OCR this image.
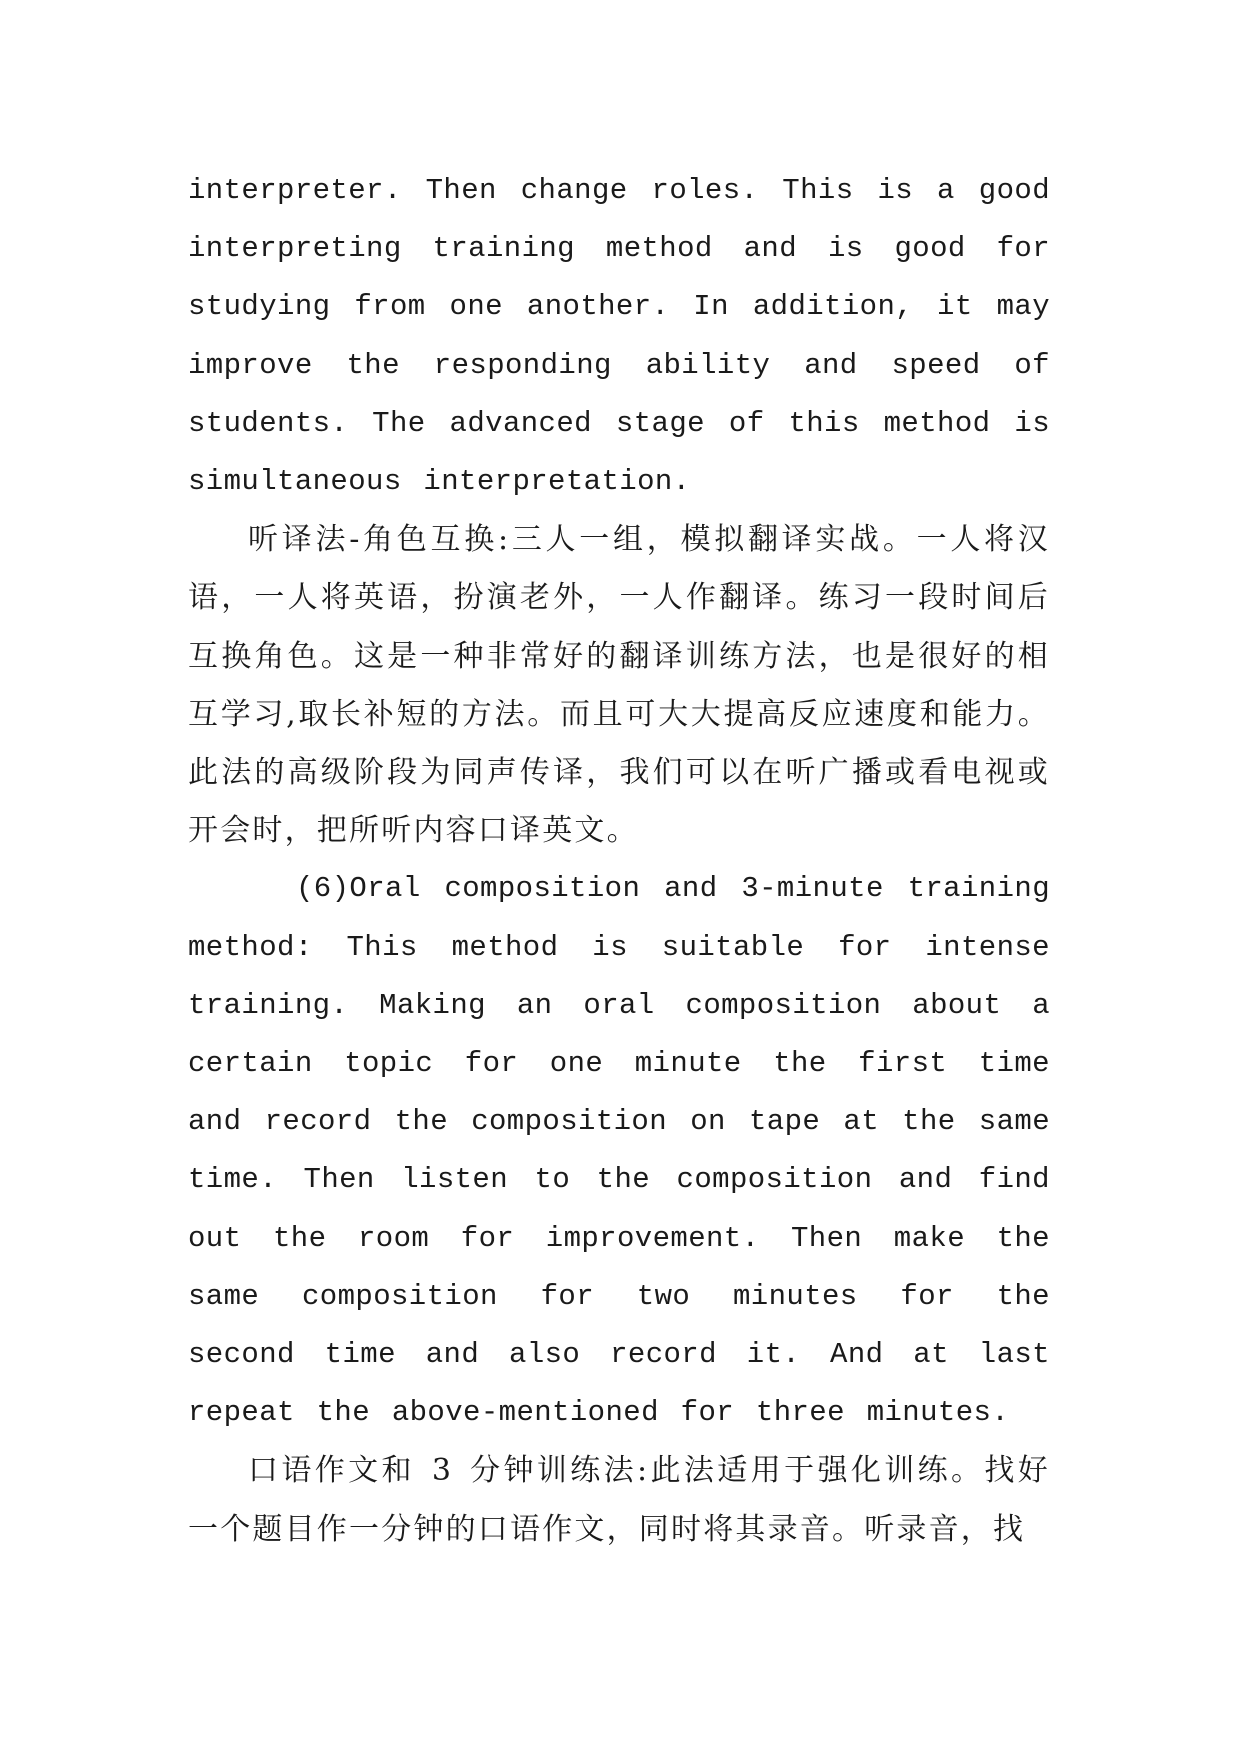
interpreter. Then change roles. This is a good interpreting training method and is good for studying from one another. In addition, it may improve the responding ability and speed of students. The advanced stage of this method is simultaneous interpretation.

听译法-角色互换:三人一组，模拟翻译实战。一人将汉语，一人将英语，扮演老外，一人作翻译。练习一段时间后互换角色。这是一种非常好的翻译训练方法，也是很好的相互学习,取长补短的方法。而且可大大提高反应速度和能力。此法的高级阶段为同声传译，我们可以在听广播或看电视或开会时，把所听内容口译英文。

(6)Oral composition and 3-minute training method: This method is suitable for intense training. Making an oral composition about a certain topic for one minute the first time and record the composition on tape at the same time. Then listen to the composition and find out the room for improvement. Then make the same composition for two minutes for the second time and also record it. And at last repeat the above-mentioned for three minutes.

口语作文和 3 分钟训练法:此法适用于强化训练。找好一个题目作一分钟的口语作文，同时将其录音。听录音，找
